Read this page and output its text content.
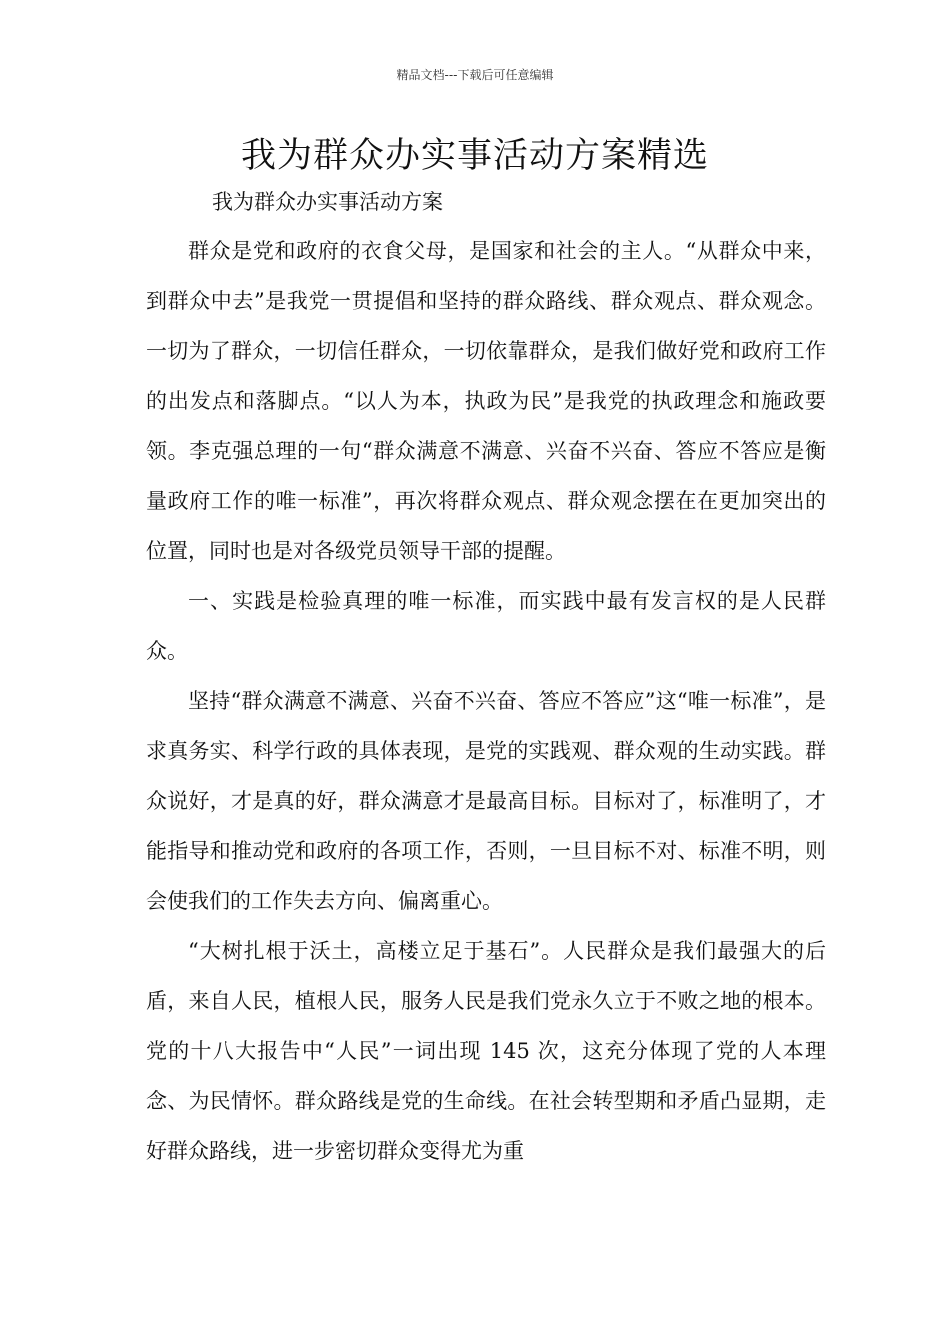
精品文档---下载后可任意编辑
我为群众办实事活动方案精选

我为群众办实事活动方案

群众是党和政府的衣食父母，是国家和社会的主人。“从群众中来，到群众中去”是我党一贯提倡和坚持的群众路线、群众观点、群众观念。一切为了群众，一切信任群众，一切依靠群众，是我们做好党和政府工作的出发点和落脚点。“以人为本，执政为民”是我党的执政理念和施政要领。李克强总理的一句“群众满意不满意、兴奋不兴奋、答应不答应是衡量政府工作的唯一标准”，再次将群众观点、群众观念摆在在更加突出的位置，同时也是对各级党员领导干部的提醒。

一、实践是检验真理的唯一标准，而实践中最有发言权的是人民群众。

坚持“群众满意不满意、兴奋不兴奋、答应不答应”这“唯一标准”，是求真务实、科学行政的具体表现，是党的实践观、群众观的生动实践。群众说好，才是真的好，群众满意才是最高目标。目标对了，标准明了，才能指导和推动党和政府的各项工作，否则，一旦目标不对、标准不明，则会使我们的工作失去方向、偏离重心。

“大树扎根于沃土，高楼立足于基石”。人民群众是我们最强大的后盾，来自人民，植根人民，服务人民是我们党永久立于不败之地的根本。党的十八大报告中“人民”一词出现 145 次，这充分体现了党的人本理念、为民情怀。群众路线是党的生命线。在社会转型期和矛盾凸显期，走好群众路线，进一步密切群众变得尤为重
